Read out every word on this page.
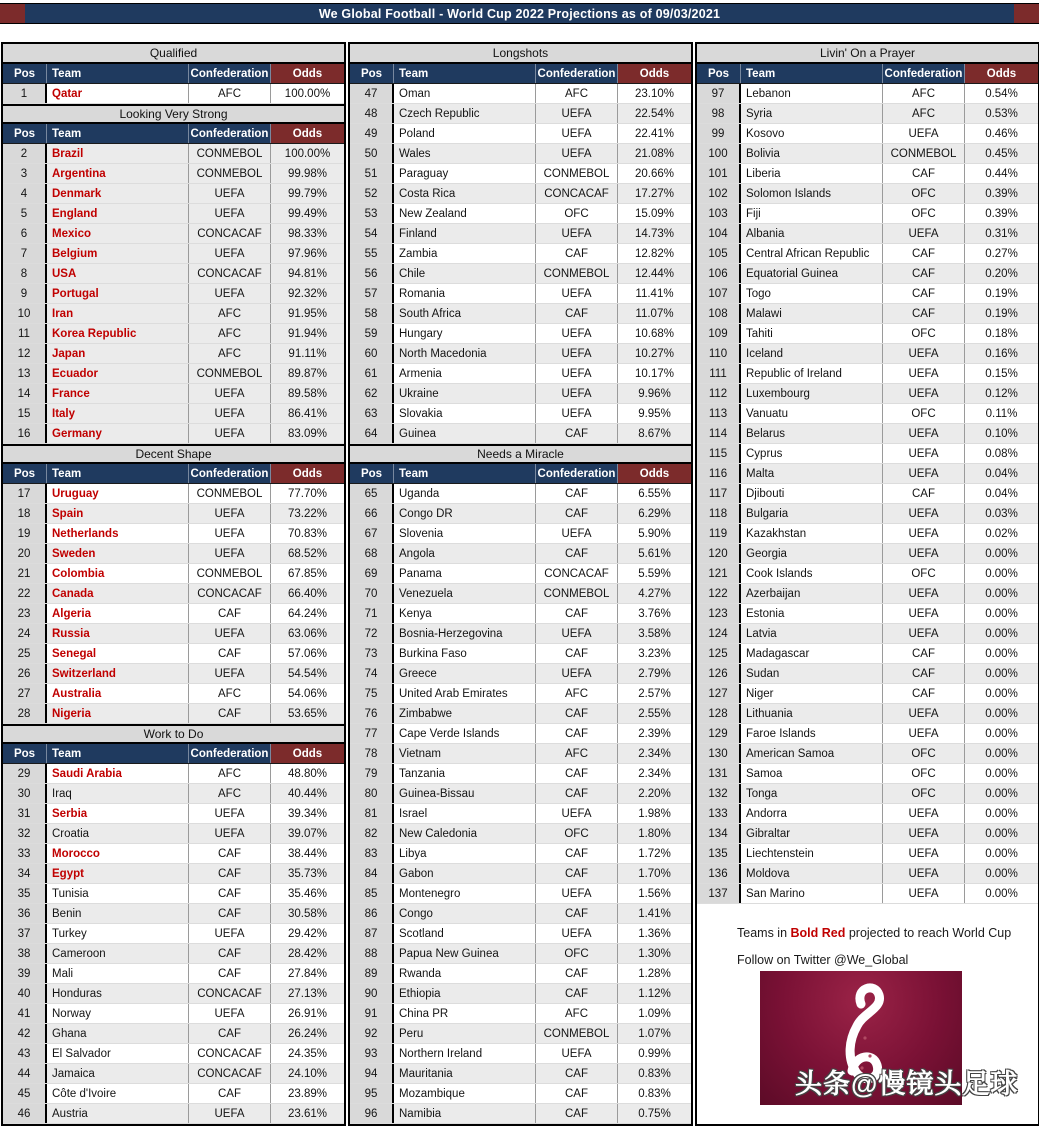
We Global Football - World Cup 2022 Projections as of 09/03/2021
Qualified
Pos	Team	Confederation	Odds
1	Qatar	AFC	100.00%
Looking Very Strong
Pos	Team	Confederation	Odds
2	Brazil	CONMEBOL	100.00%
3	Argentina	CONMEBOL	99.98%
4	Denmark	UEFA	99.79%
5	England	UEFA	99.49%
6	Mexico	CONCACAF	98.33%
7	Belgium	UEFA	97.96%
8	USA	CONCACAF	94.81%
9	Portugal	UEFA	92.32%
10	Iran	AFC	91.95%
11	Korea Republic	AFC	91.94%
12	Japan	AFC	91.11%
13	Ecuador	CONMEBOL	89.87%
14	France	UEFA	89.58%
15	Italy	UEFA	86.41%
16	Germany	UEFA	83.09%
Decent Shape
Pos	Team	Confederation	Odds
17	Uruguay	CONMEBOL	77.70%
18	Spain	UEFA	73.22%
19	Netherlands	UEFA	70.83%
20	Sweden	UEFA	68.52%
21	Colombia	CONMEBOL	67.85%
22	Canada	CONCACAF	66.40%
23	Algeria	CAF	64.24%
24	Russia	UEFA	63.06%
25	Senegal	CAF	57.06%
26	Switzerland	UEFA	54.54%
27	Australia	AFC	54.06%
28	Nigeria	CAF	53.65%
Work to Do
Pos	Team	Confederation	Odds
29	Saudi Arabia	AFC	48.80%
30	Iraq	AFC	40.44%
31	Serbia	UEFA	39.34%
32	Croatia	UEFA	39.07%
33	Morocco	CAF	38.44%
34	Egypt	CAF	35.73%
35	Tunisia	CAF	35.46%
36	Benin	CAF	30.58%
37	Turkey	UEFA	29.42%
38	Cameroon	CAF	28.42%
39	Mali	CAF	27.84%
40	Honduras	CONCACAF	27.13%
41	Norway	UEFA	26.91%
42	Ghana	CAF	26.24%
43	El Salvador	CONCACAF	24.35%
44	Jamaica	CONCACAF	24.10%
45	Côte d'Ivoire	CAF	23.89%
46	Austria	UEFA	23.61%
Longshots
Pos	Team	Confederation	Odds
47	Oman	AFC	23.10%
48	Czech Republic	UEFA	22.54%
49	Poland	UEFA	22.41%
50	Wales	UEFA	21.08%
51	Paraguay	CONMEBOL	20.66%
52	Costa Rica	CONCACAF	17.27%
53	New Zealand	OFC	15.09%
54	Finland	UEFA	14.73%
55	Zambia	CAF	12.82%
56	Chile	CONMEBOL	12.44%
57	Romania	UEFA	11.41%
58	South Africa	CAF	11.07%
59	Hungary	UEFA	10.68%
60	North Macedonia	UEFA	10.27%
61	Armenia	UEFA	10.17%
62	Ukraine	UEFA	9.96%
63	Slovakia	UEFA	9.95%
64	Guinea	CAF	8.67%
Needs a Miracle
Pos	Team	Confederation	Odds
65	Uganda	CAF	6.55%
66	Congo DR	CAF	6.29%
67	Slovenia	UEFA	5.90%
68	Angola	CAF	5.61%
69	Panama	CONCACAF	5.59%
70	Venezuela	CONMEBOL	4.27%
71	Kenya	CAF	3.76%
72	Bosnia-Herzegovina	UEFA	3.58%
73	Burkina Faso	CAF	3.23%
74	Greece	UEFA	2.79%
75	United Arab Emirates	AFC	2.57%
76	Zimbabwe	CAF	2.55%
77	Cape Verde Islands	CAF	2.39%
78	Vietnam	AFC	2.34%
79	Tanzania	CAF	2.34%
80	Guinea-Bissau	CAF	2.20%
81	Israel	UEFA	1.98%
82	New Caledonia	OFC	1.80%
83	Libya	CAF	1.72%
84	Gabon	CAF	1.70%
85	Montenegro	UEFA	1.56%
86	Congo	CAF	1.41%
87	Scotland	UEFA	1.36%
88	Papua New Guinea	OFC	1.30%
89	Rwanda	CAF	1.28%
90	Ethiopia	CAF	1.12%
91	China PR	AFC	1.09%
92	Peru	CONMEBOL	1.07%
93	Northern Ireland	UEFA	0.99%
94	Mauritania	CAF	0.83%
95	Mozambique	CAF	0.83%
96	Namibia	CAF	0.75%
Livin' On a Prayer
Pos	Team	Confederation	Odds
97	Lebanon	AFC	0.54%
98	Syria	AFC	0.53%
99	Kosovo	UEFA	0.46%
100	Bolivia	CONMEBOL	0.45%
101	Liberia	CAF	0.44%
102	Solomon Islands	OFC	0.39%
103	Fiji	OFC	0.39%
104	Albania	UEFA	0.31%
105	Central African Republic	CAF	0.27%
106	Equatorial Guinea	CAF	0.20%
107	Togo	CAF	0.19%
108	Malawi	CAF	0.19%
109	Tahiti	OFC	0.18%
110	Iceland	UEFA	0.16%
111	Republic of Ireland	UEFA	0.15%
112	Luxembourg	UEFA	0.12%
113	Vanuatu	OFC	0.11%
114	Belarus	UEFA	0.10%
115	Cyprus	UEFA	0.08%
116	Malta	UEFA	0.04%
117	Djibouti	CAF	0.04%
118	Bulgaria	UEFA	0.03%
119	Kazakhstan	UEFA	0.02%
120	Georgia	UEFA	0.00%
121	Cook Islands	OFC	0.00%
122	Azerbaijan	UEFA	0.00%
123	Estonia	UEFA	0.00%
124	Latvia	UEFA	0.00%
125	Madagascar	CAF	0.00%
126	Sudan	CAF	0.00%
127	Niger	CAF	0.00%
128	Lithuania	UEFA	0.00%
129	Faroe Islands	UEFA	0.00%
130	American Samoa	OFC	0.00%
131	Samoa	OFC	0.00%
132	Tonga	OFC	0.00%
133	Andorra	UEFA	0.00%
134	Gibraltar	UEFA	0.00%
135	Liechtenstein	UEFA	0.00%
136	Moldova	UEFA	0.00%
137	San Marino	UEFA	0.00%
Teams in Bold Red projected to reach World Cup
Follow on Twitter @We_Global
头条@慢镜头足球
